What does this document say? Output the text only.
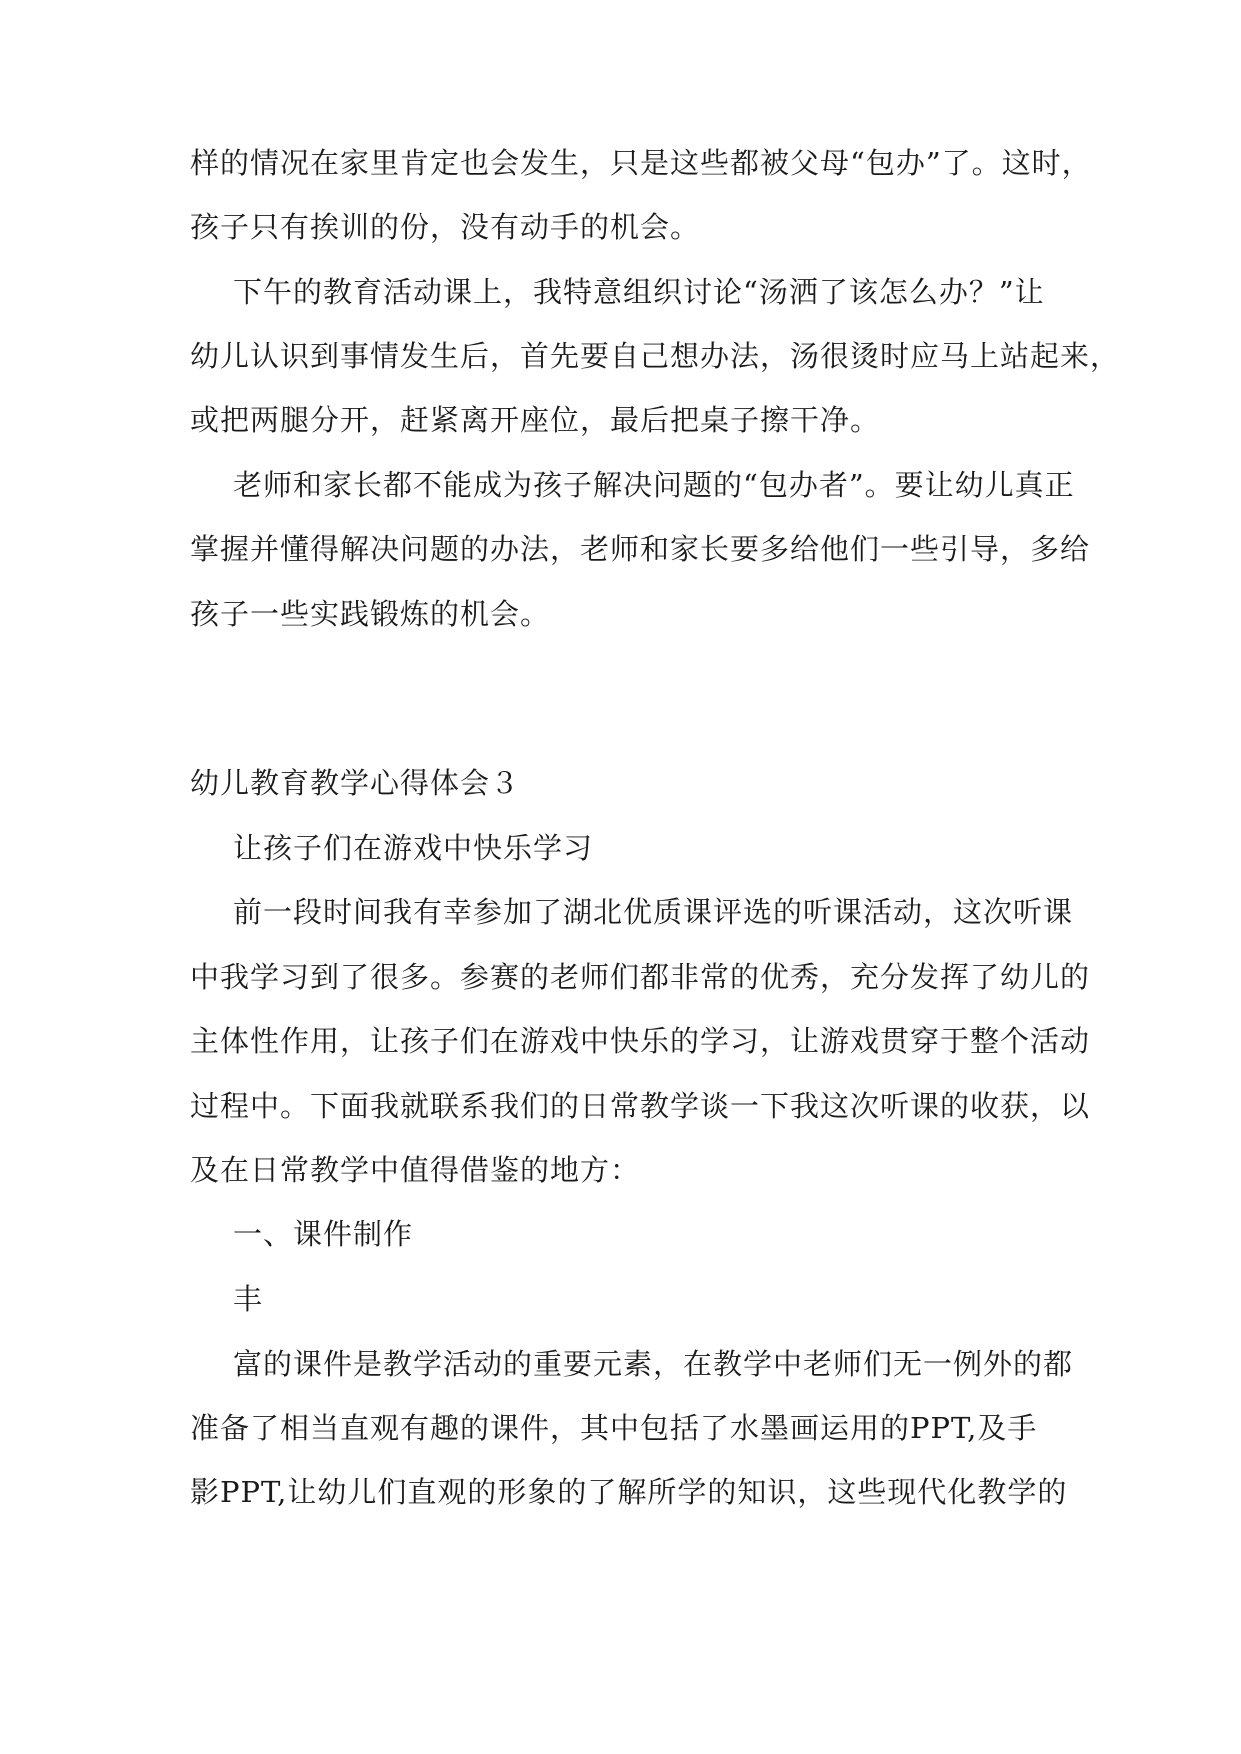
样的情况在家里肯定也会发生，只是这些都被父母“包办”了。这时，
孩子只有挨训的份，没有动手的机会。
下午的教育活动课上，我特意组织讨论“汤洒了该怎么办？”让
幼儿认识到事情发生后，首先要自己想办法，汤很烫时应马上站起来，
或把两腿分开，赶紧离开座位，最后把桌子擦干净。
老师和家长都不能成为孩子解决问题的“包办者”。要让幼儿真正
掌握并懂得解决问题的办法，老师和家长要多给他们一些引导，多给
孩子一些实践锻炼的机会。
幼儿教育教学心得体会３
让孩子们在游戏中快乐学习
前一段时间我有幸参加了湖北优质课评选的听课活动，这次听课
中我学习到了很多。参赛的老师们都非常的优秀，充分发挥了幼儿的
主体性作用，让孩子们在游戏中快乐的学习，让游戏贯穿于整个活动
过程中。下面我就联系我们的日常教学谈一下我这次听课的收获，以
及在日常教学中值得借鉴的地方：
一、课件制作
丰
富的课件是教学活动的重要元素，在教学中老师们无一例外的都
准备了相当直观有趣的课件，其中包括了水墨画运用的PPT,及手
影PPT,让幼儿们直观的形象的了解所学的知识，这些现代化教学的
